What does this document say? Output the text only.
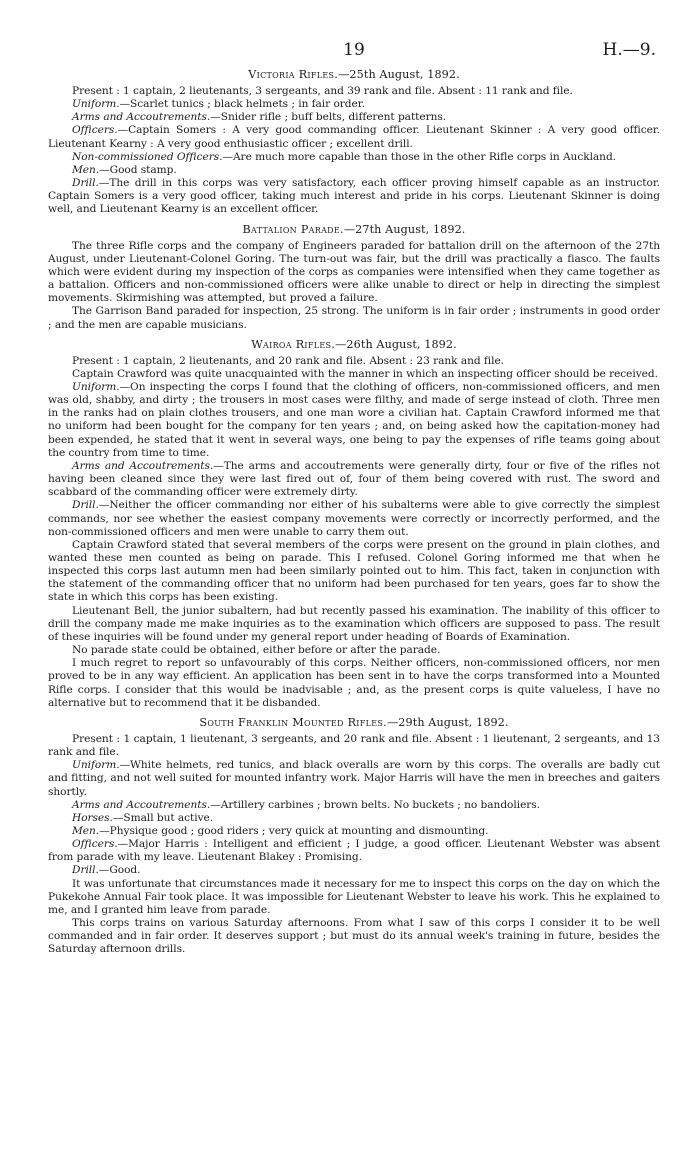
19	H.—9.
Victoria Rifles.—25th August, 1892.

Present : 1 captain, 2 lieutenants, 3 sergeants, and 39 rank and file. Absent : 11 rank and file.

Uniform.—Scarlet tunics ; black helmets ; in fair order.

Arms and Accoutrements.—Snider rifle ; buff belts, different patterns.

Officers.—Captain Somers : A very good commanding officer. Lieutenant Skinner : A very good officer. Lieutenant Kearny : A very good enthusiastic officer ; excellent drill.

Non-commissioned Officers.—Are much more capable than those in the other Rifle corps in Auckland.

Men.—Good stamp.

Drill.—The drill in this corps was very satisfactory, each officer proving himself capable as an instructor. Captain Somers is a very good officer, taking much interest and pride in his corps. Lieutenant Skinner is doing well, and Lieutenant Kearny is an excellent officer.

Battalion Parade.—27th August, 1892.

The three Rifle corps and the company of Engineers paraded for battalion drill on the afternoon of the 27th August, under Lieutenant-Colonel Goring. The turn-out was fair, but the drill was practically a fiasco. The faults which were evident during my inspection of the corps as companies were intensified when they came together as a battalion. Officers and non-commissioned officers were alike unable to direct or help in directing the simplest movements. Skirmishing was attempted, but proved a failure.

The Garrison Band paraded for inspection, 25 strong. The uniform is in fair order ; instruments in good order ; and the men are capable musicians.

Wairoa Rifles.—26th August, 1892.

Present : 1 captain, 2 lieutenants, and 20 rank and file. Absent : 23 rank and file.

Captain Crawford was quite unacquainted with the manner in which an inspecting officer should be received.

Uniform.—On inspecting the corps I found that the clothing of officers, non-commissioned officers, and men was old, shabby, and dirty ; the trousers in most cases were filthy, and made of serge instead of cloth. Three men in the ranks had on plain clothes trousers, and one man wore a civilian hat. Captain Crawford informed me that no uniform had been bought for the company for ten years ; and, on being asked how the capitation-money had been expended, he stated that it went in several ways, one being to pay the expenses of rifle teams going about the country from time to time.

Arms and Accoutrements.—The arms and accoutrements were generally dirty, four or five of the rifles not having been cleaned since they were last fired out of, four of them being covered with rust. The sword and scabbard of the commanding officer were extremely dirty.

Drill.—Neither the officer commanding nor either of his subalterns were able to give correctly the simplest commands, nor see whether the easiest company movements were correctly or incorrectly performed, and the non-commissioned officers and men were unable to carry them out.

Captain Crawford stated that several members of the corps were present on the ground in plain clothes, and wanted these men counted as being on parade. This I refused. Colonel Goring informed me that when he inspected this corps last autumn men had been similarly pointed out to him. This fact, taken in conjunction with the statement of the commanding officer that no uniform had been purchased for ten years, goes far to show the state in which this corps has been existing.

Lieutenant Bell, the junior subaltern, had but recently passed his examination. The inability of this officer to drill the company made me make inquiries as to the examination which officers are supposed to pass. The result of these inquiries will be found under my general report under heading of Boards of Examination.

No parade state could be obtained, either before or after the parade.

I much regret to report so unfavourably of this corps. Neither officers, non-commissioned officers, nor men proved to be in any way efficient. An application has been sent in to have the corps transformed into a Mounted Rifle corps. I consider that this would be inadvisable ; and, as the present corps is quite valueless, I have no alternative but to recommend that it be disbanded.

South Franklin Mounted Rifles.—29th August, 1892.

Present : 1 captain, 1 lieutenant, 3 sergeants, and 20 rank and file. Absent : 1 lieutenant, 2 sergeants, and 13 rank and file.

Uniform.—White helmets, red tunics, and black overalls are worn by this corps. The overalls are badly cut and fitting, and not well suited for mounted infantry work. Major Harris will have the men in breeches and gaiters shortly.

Arms and Accoutrements.—Artillery carbines ; brown belts. No buckets ; no bandoliers.

Horses.—Small but active.

Men.—Physique good ; good riders ; very quick at mounting and dismounting.

Officers.—Major Harris : Intelligent and efficient ; I judge, a good officer. Lieutenant Webster was absent from parade with my leave. Lieutenant Blakey : Promising.

Drill.—Good.

It was unfortunate that circumstances made it necessary for me to inspect this corps on the day on which the Pukekohe Annual Fair took place. It was impossible for Lieutenant Webster to leave his work. This he explained to me, and I granted him leave from parade.

This corps trains on various Saturday afternoons. From what I saw of this corps I consider it to be well commanded and in fair order. It deserves support ; but must do its annual week's training in future, besides the Saturday afternoon drills.
